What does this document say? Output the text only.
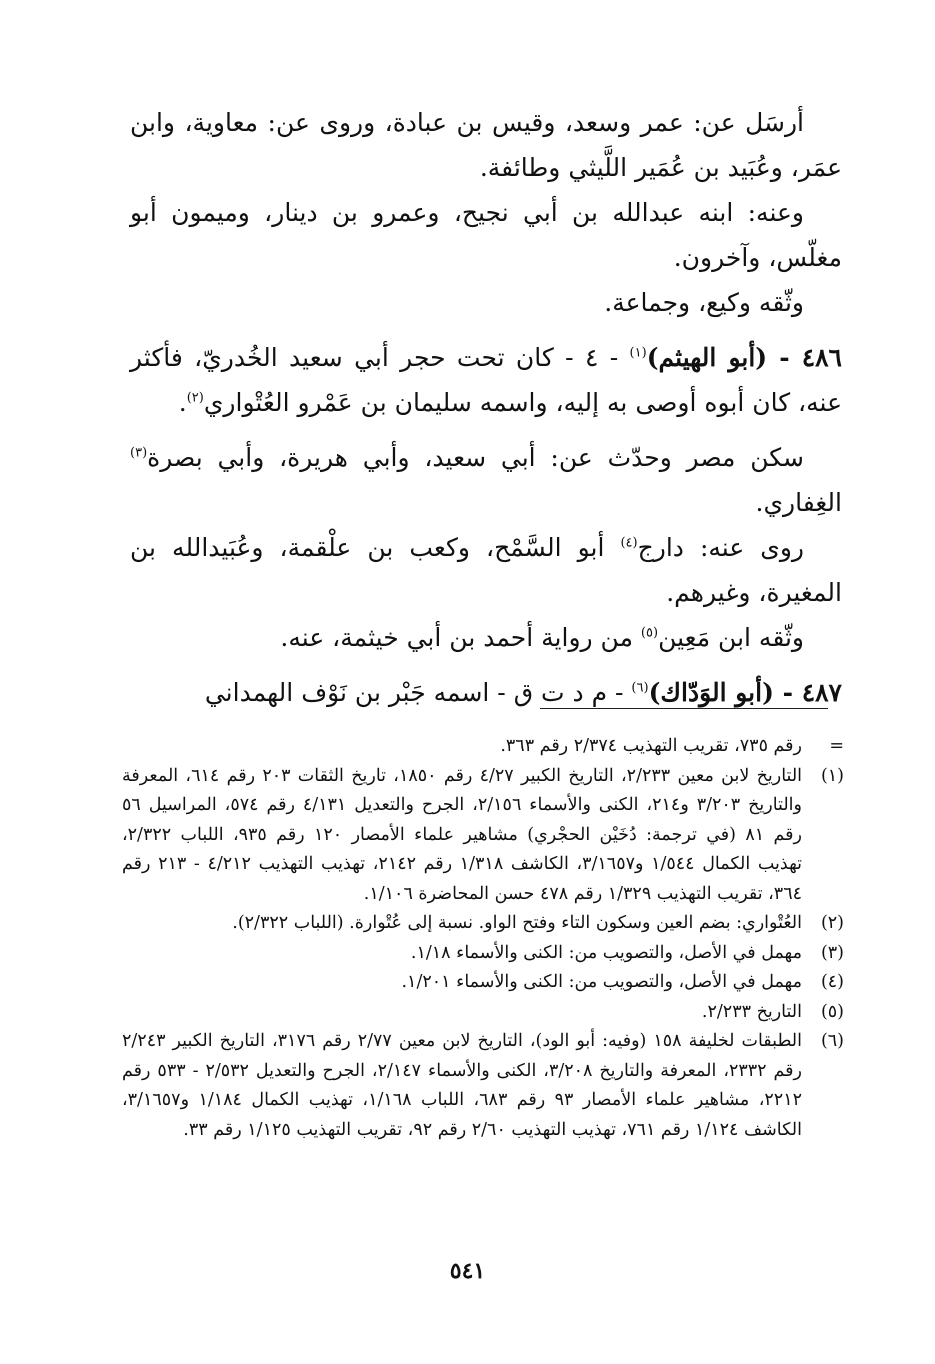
أرسَل عن: عمر وسعد، وقيس بن عبادة، وروى عن: معاوية، وابن عمَر، وعُبَيد بن عُمَير اللَّيثي وطائفة.

وعنه: ابنه عبدالله بن أبي نجيح، وعمرو بن دينار، وميمون أبو مغلّس، وآخرون.

وثّقه وكيع، وجماعة.

٤٨٦ - (أبو الهيثم)$^{(١)}$ - ٤ - كان تحت حجر أبي سعيد الخُدريّ، فأكثر عنه، كان أبوه أوصى به إليه، واسمه سليمان بن عَمْرو العُتْواري$^{(٢)}$.

سكن مصر وحدّث عن: أبي سعيد، وأبي هريرة، وأبي بصرة$^{(٣)}$ الغِفاري.

روى عنه: دارج$^{(٤)}$ أبو السَّمْح، وكعب بن علْقمة، وعُبَيدالله بن المغيرة، وغيرهم.

وثّقه ابن مَعِين$^{(٥)}$ من رواية أحمد بن أبي خيثمة، عنه.

٤٨٧ - (أبو الوَدّاك)$^{(٦)}$ - م د ت ق - اسمه جَبْر بن نَوْف الهمداني

=
رقم ٧٣٥، تقريب التهذيب ٢/٣٧٤ رقم ٣٦٣.

(١)
التاريخ لابن معين ٢/٢٣٣، التاريخ الكبير ٤/٢٧ رقم ١٨٥٠، تاريخ الثقات ٢٠٣ رقم ٦١٤، المعرفة والتاريخ ٣/٢٠٣ و٢١٤، الكنى والأسماء ٢/١٥٦، الجرح والتعديل ٤/١٣١ رقم ٥٧٤، المراسيل ٥٦ رقم ٨١ (في ترجمة: دُخَيْن الحجْري) مشاهير علماء الأمصار ١٢٠ رقم ٩٣٥، اللباب ٢/٣٢٢، تهذيب الكمال ١/٥٤٤ و٣/١٦٥٧، الكاشف ١/٣١٨ رقم ٢١٤٢، تهذيب التهذيب ٤/٢١٢ - ٢١٣ رقم ٣٦٤، تقريب التهذيب ١/٣٢٩ رقم ٤٧٨ حسن المحاضرة ١/١٠٦.

(٢)
العُتْواري: بضم العين وسكون التاء وفتح الواو. نسبة إلى عُتْوارة. (اللباب ٢/٣٢٢).

(٣)
مهمل في الأصل، والتصويب من: الكنى والأسماء ١/١٨.

(٤)
مهمل في الأصل، والتصويب من: الكنى والأسماء ١/٢٠١.

(٥)
التاريخ ٢/٢٣٣.

(٦)
الطبقات لخليفة ١٥٨ (وفيه: أبو الود)، التاريخ لابن معين ٢/٧٧ رقم ٣١٧٦، التاريخ الكبير ٢/٢٤٣ رقم ٢٣٣٢، المعرفة والتاريخ ٣/٢٠٨، الكنى والأسماء ٢/١٤٧، الجرح والتعديل ٢/٥٣٢ - ٥٣٣ رقم ٢٢١٢، مشاهير علماء الأمصار ٩٣ رقم ٦٨٣، اللباب ١/١٦٨، تهذيب الكمال ١/١٨٤ و٣/١٦٥٧، الكاشف ١/١٢٤ رقم ٧٦١، تهذيب التهذيب ٢/٦٠ رقم ٩٢، تقريب التهذيب ١/١٢٥ رقم ٣٣.

٥٤١
